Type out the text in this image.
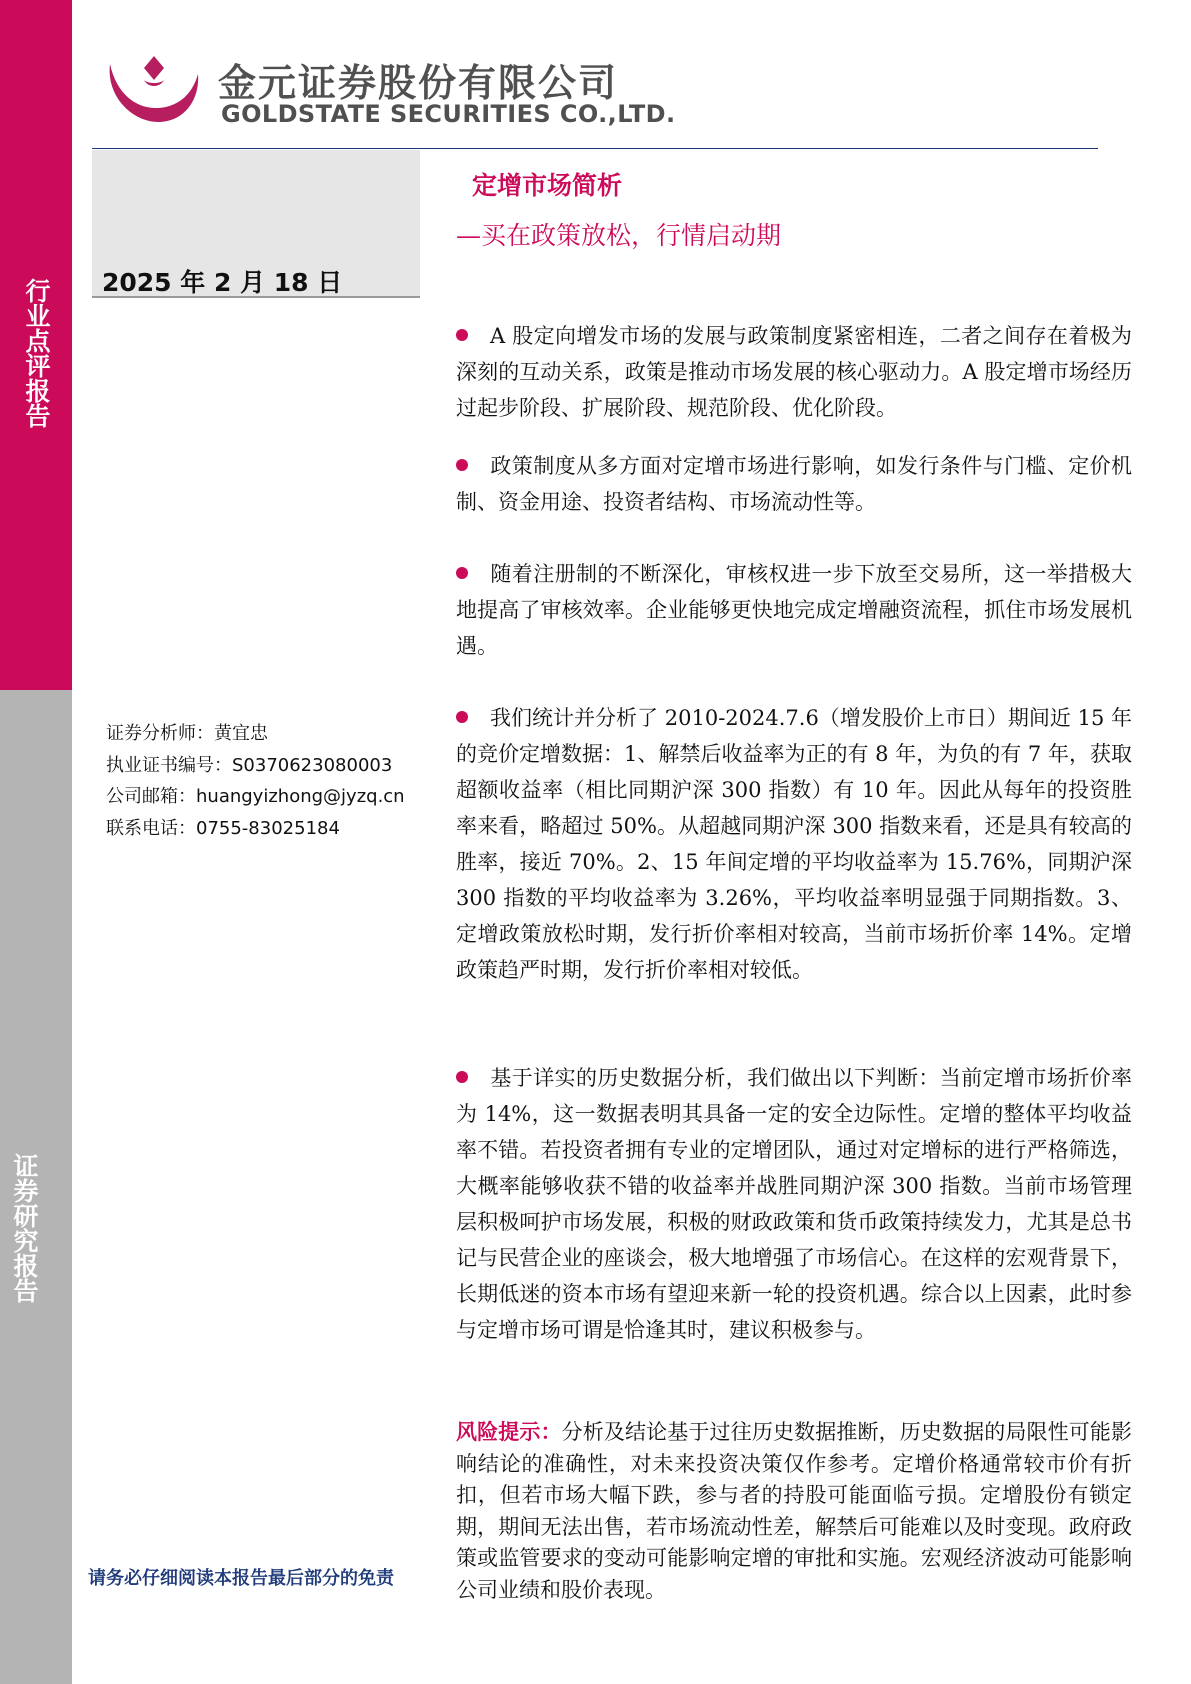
行业点评报告
证券研究报告
金元证券股份有限公司
GOLDSTATE SECURITIES CO.,LTD.
2025 年 2 月 18 日
定增市场简析
—买在政策放松，行情启动期
证券分析师：黄宜忠
执业证书编号：S0370623080003
公司邮箱：huangyizhong@jyzq.cn
联系电话：0755-83025184
请务必仔细阅读本报告最后部分的免责
A 股定向增发市场的发展与政策制度紧密相连，二者之间存在着极为深刻的互动关系，政策是推动市场发展的核心驱动力。A 股定增市场经历过起步阶段、扩展阶段、规范阶段、优化阶段。
政策制度从多方面对定增市场进行影响，如发行条件与门槛、定价机制、资金用途、投资者结构、市场流动性等。
随着注册制的不断深化，审核权进一步下放至交易所，这一举措极大地提高了审核效率。企业能够更快地完成定增融资流程，抓住市场发展机遇。
我们统计并分析了 2010-2024.7.6（增发股价上市日）期间近 15 年的竞价定增数据：1、解禁后收益率为正的有 8 年，为负的有 7 年，获取超额收益率（相比同期沪深 300 指数）有 10 年。因此从每年的投资胜率来看，略超过 50%。从超越同期沪深 300 指数来看，还是具有较高的胜率，接近 70%。2、15 年间定增的平均收益率为 15.76%，同期沪深 300 指数的平均收益率为 3.26%，平均收益率明显强于同期指数。3、定增政策放松时期，发行折价率相对较高，当前市场折价率 14%。定增政策趋严时期，发行折价率相对较低。
基于详实的历史数据分析，我们做出以下判断：当前定增市场折价率为 14%，这一数据表明其具备一定的安全边际性。定增的整体平均收益率不错。若投资者拥有专业的定增团队，通过对定增标的进行严格筛选，大概率能够收获不错的收益率并战胜同期沪深 300 指数。当前市场管理层积极呵护市场发展，积极的财政政策和货币政策持续发力，尤其是总书记与民营企业的座谈会，极大地增强了市场信心。在这样的宏观背景下，长期低迷的资本市场有望迎来新一轮的投资机遇。综合以上因素，此时参与定增市场可谓是恰逢其时，建议积极参与。
风险提示：分析及结论基于过往历史数据推断，历史数据的局限性可能影响结论的准确性，对未来投资决策仅作参考。定增价格通常较市价有折扣，但若市场大幅下跌，参与者的持股可能面临亏损。定增股份有锁定期，期间无法出售，若市场流动性差，解禁后可能难以及时变现。政府政策或监管要求的变动可能影响定增的审批和实施。宏观经济波动可能影响公司业绩和股价表现。
